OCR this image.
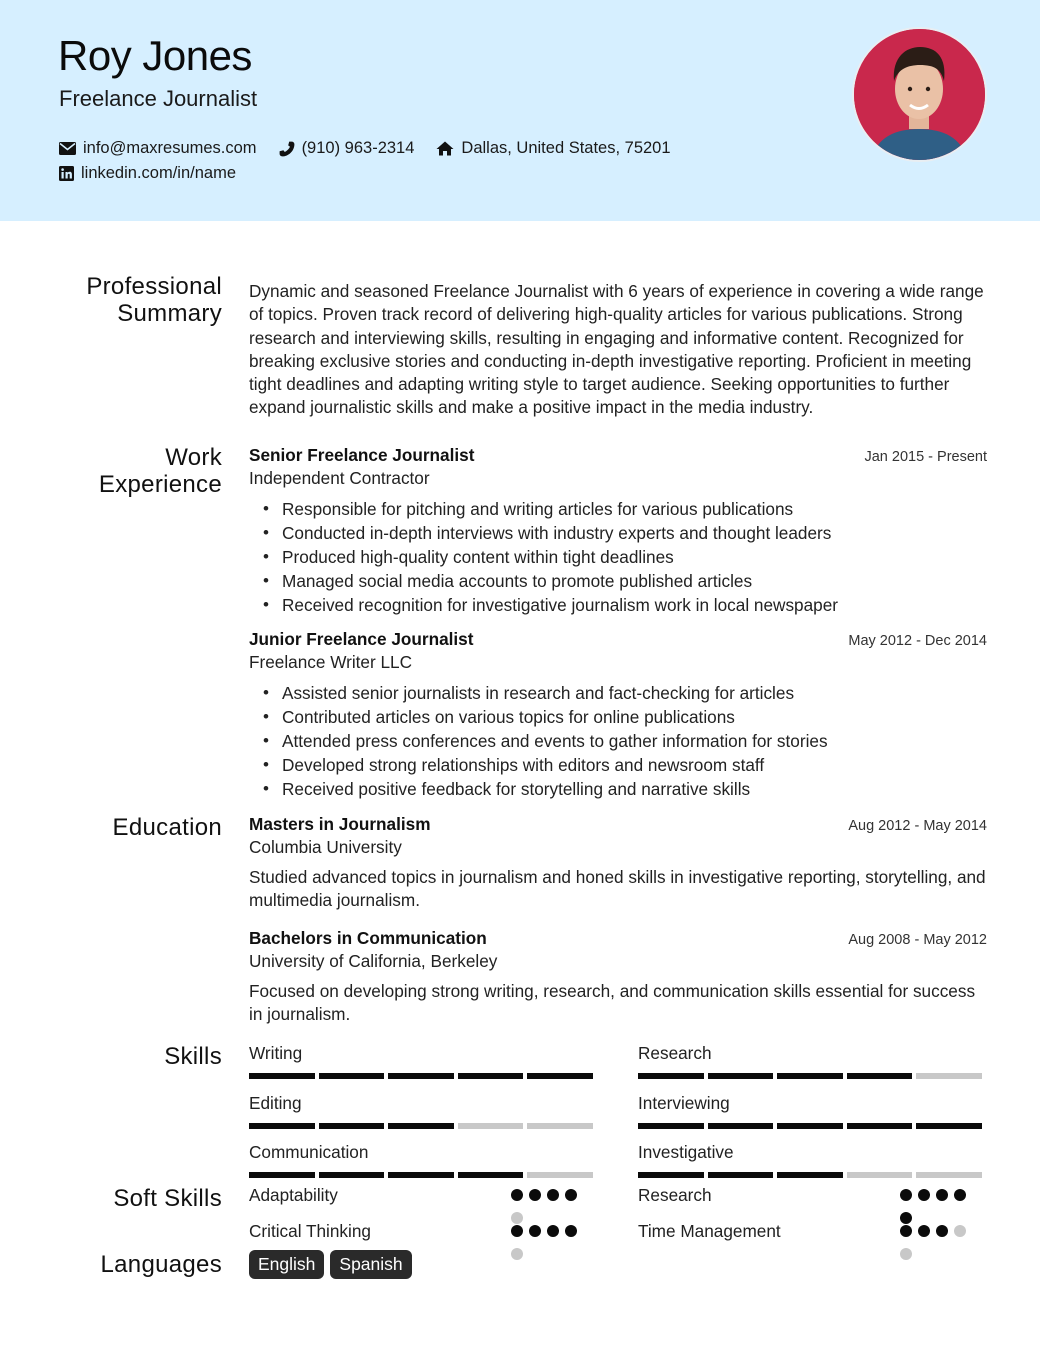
Roy Jones
Freelance Journalist
info@maxresumes.com	(910) 963-2314	Dallas, United States, 75201
linkedin.com/in/name
Professional
Summary
Dynamic and seasoned Freelance Journalist with 6 years of experience in covering a wide range of topics. Proven track record of delivering high-quality articles for various publications. Strong research and interviewing skills, resulting in engaging and informative content. Recognized for breaking exclusive stories and conducting in-depth investigative reporting. Proficient in meeting tight deadlines and adapting writing style to target audience. Seeking opportunities to further expand journalistic skills and make a positive impact in the media industry.
Work
Experience
Senior Freelance Journalist	Jan 2015 - Present
Independent Contractor
• Responsible for pitching and writing articles for various publications
• Conducted in-depth interviews with industry experts and thought leaders
• Produced high-quality content within tight deadlines
• Managed social media accounts to promote published articles
• Received recognition for investigative journalism work in local newspaper
Junior Freelance Journalist	May 2012 - Dec 2014
Freelance Writer LLC
• Assisted senior journalists in research and fact-checking for articles
• Contributed articles on various topics for online publications
• Attended press conferences and events to gather information for stories
• Developed strong relationships with editors and newsroom staff
• Received positive feedback for storytelling and narrative skills
Education Masters in Journalism	Aug 2012 - May 2014
Columbia University
Studied advanced topics in journalism and honed skills in investigative reporting, storytelling, and multimedia journalism.
Bachelors in Communication	Aug 2008 - May 2012
University of California, Berkeley
Focused on developing strong writing, research, and communication skills essential for success in journalism.
Skills Writing	Research
Editing	Interviewing
Communication	Investigative
Soft Skills Adaptability	Research
Critical Thinking	Time Management
Languages	English	Spanish
